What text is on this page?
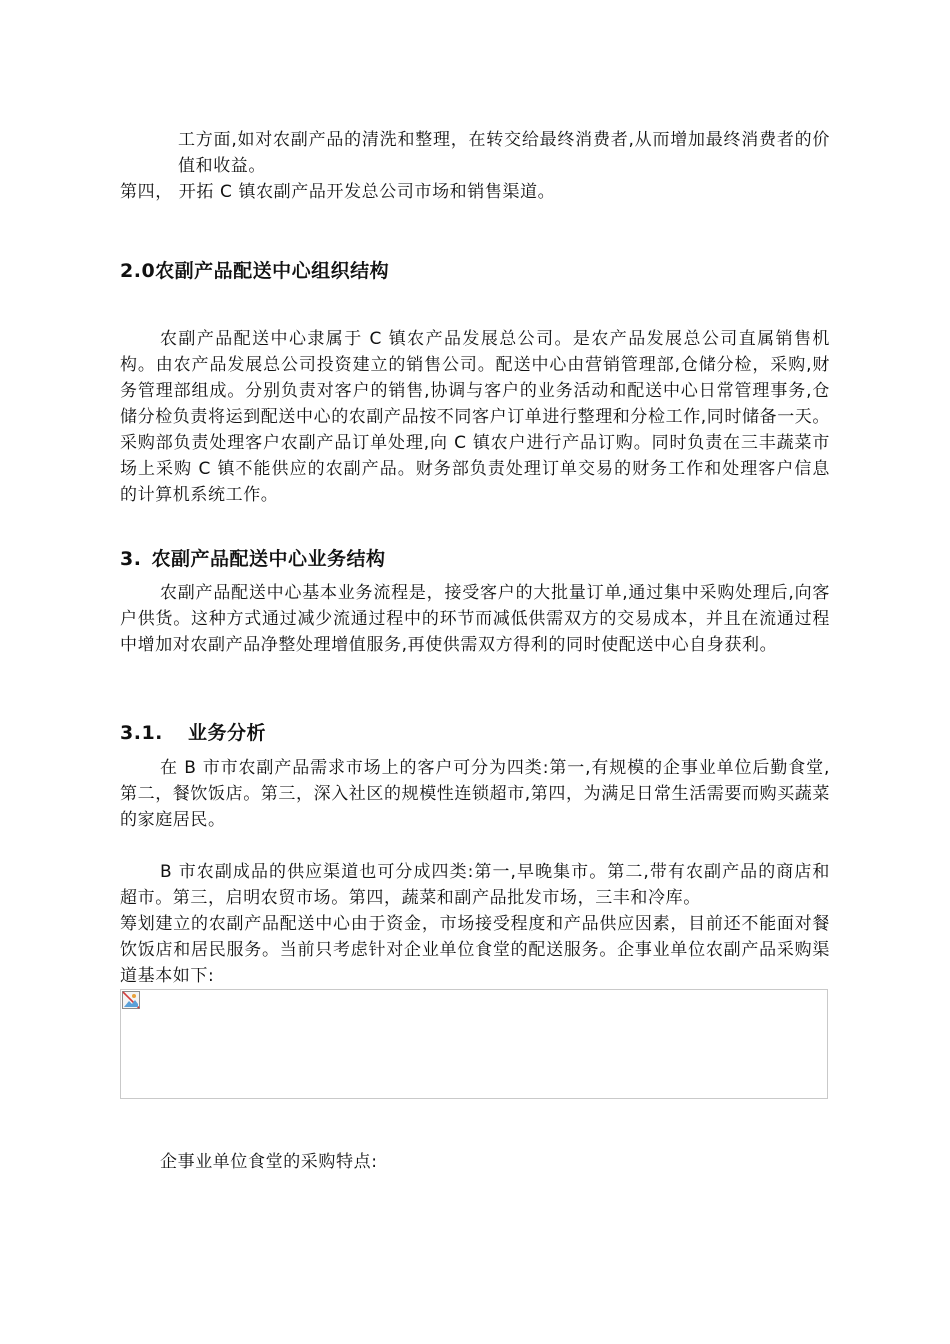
工方面,如对农副产品的清洗和整理，在转交给最终消费者,从而增加最终消费者的价值和收益。

第四， 开拓 C 镇农副产品开发总公司市场和销售渠道。

2.0农副产品配送中心组织结构

农副产品配送中心隶属于 C 镇农产品发展总公司。是农产品发展总公司直属销售机构。由农产品发展总公司投资建立的销售公司。配送中心由营销管理部,仓储分检，采购,财务管理部组成。分别负责对客户的销售,协调与客户的业务活动和配送中心日常管理事务,仓储分检负责将运到配送中心的农副产品按不同客户订单进行整理和分检工作,同时储备一天。采购部负责处理客户农副产品订单处理,向 C 镇农户进行产品订购。同时负责在三丰蔬菜市场上采购 C 镇不能供应的农副产品。财务部负责处理订单交易的财务工作和处理客户信息的计算机系统工作。

3. 农副产品配送中心业务结构

农副产品配送中心基本业务流程是，接受客户的大批量订单,通过集中采购处理后,向客户供货。这种方式通过减少流通过程中的环节而减低供需双方的交易成本，并且在流通过程中增加对农副产品净整处理增值服务,再使供需双方得利的同时使配送中心自身获利。

3.1. 业务分析

在 B 市市农副产品需求市场上的客户可分为四类:第一,有规模的企事业单位后勤食堂,第二，餐饮饭店。第三，深入社区的规模性连锁超市,第四，为满足日常生活需要而购买蔬菜的家庭居民。

B 市农副成品的供应渠道也可分成四类:第一,早晚集市。第二,带有农副产品的商店和超市。第三，启明农贸市场。第四，蔬菜和副产品批发市场，三丰和冷库。

筹划建立的农副产品配送中心由于资金，市场接受程度和产品供应因素，目前还不能面对餐饮饭店和居民服务。当前只考虑针对企业单位食堂的配送服务。企事业单位农副产品采购渠道基本如下:

企事业单位食堂的采购特点:
